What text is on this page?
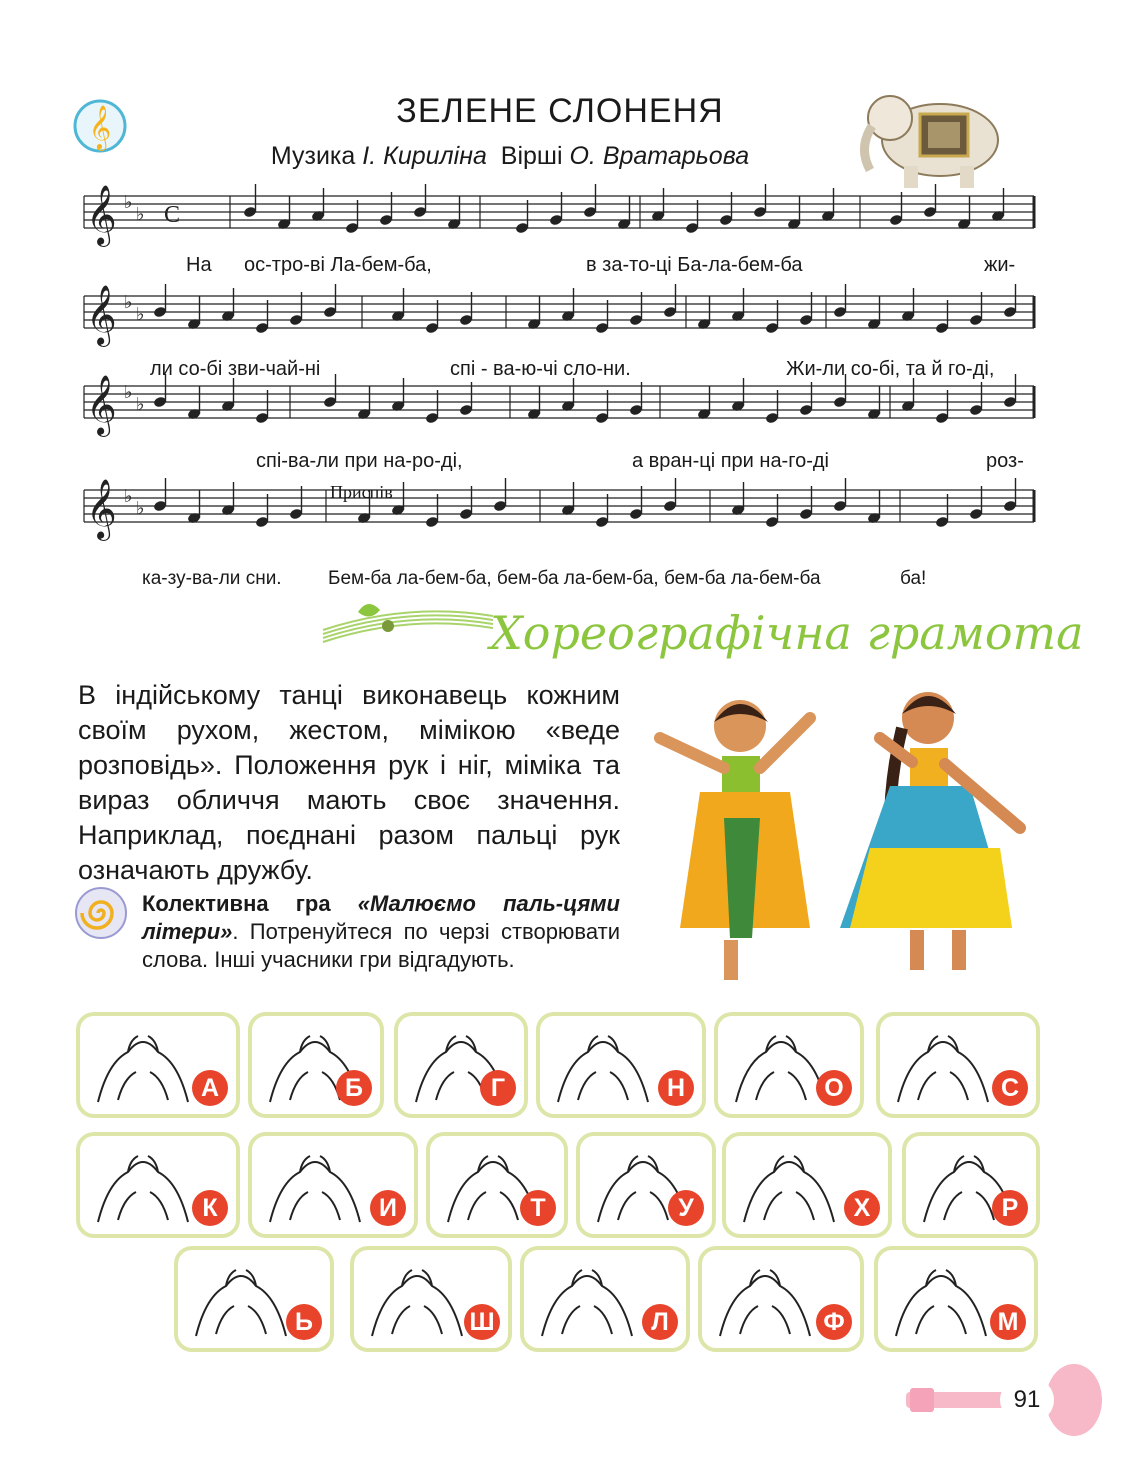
𝄞	ЗЕЛЕНЕ СЛОНЕНЯ
Музика І. Кириліна Вірші О. Вратарьова
𝄞 ♭
♭ C
𝄞 ♭
♭
𝄞 ♭
♭
𝄞 ♭
♭
На ос-тро-ві Ла-бем-ба,	в за-то-ці Ба-ла-бем-ба	жи-
ли со-бі зви-чай-ні	спі - ва-ю-чі сло-ни.	Жи-ли со-бі, та й го-ді,
спі-ва-ли при на-ро-ді,	а вран-ці при на-го-ді	роз-
Приспів
ка-зу-ва-ли сни. Бем-ба ла-бем-ба, бем-ба ла-бем-ба, бем-ба ла-бем-ба	ба!
Хореографічна грамота
В індійському танці виконавець кожним своїм рухом, жестом, мімікою «веде розповідь». Положення рук і ніг, міміка та вираз обличчя мають своє значення. Наприклад, поєднані разом пальці рук означають дружбу.
Колективна гра «Малюємо паль-цями літери». Потренуйтеся по черзі створювати слова. Інші учасники гри відгадують.
А	Б	Г	Н	О	С
К	И	Т	У	Х	Р
Ь	Ш	Л	Ф	М
91
